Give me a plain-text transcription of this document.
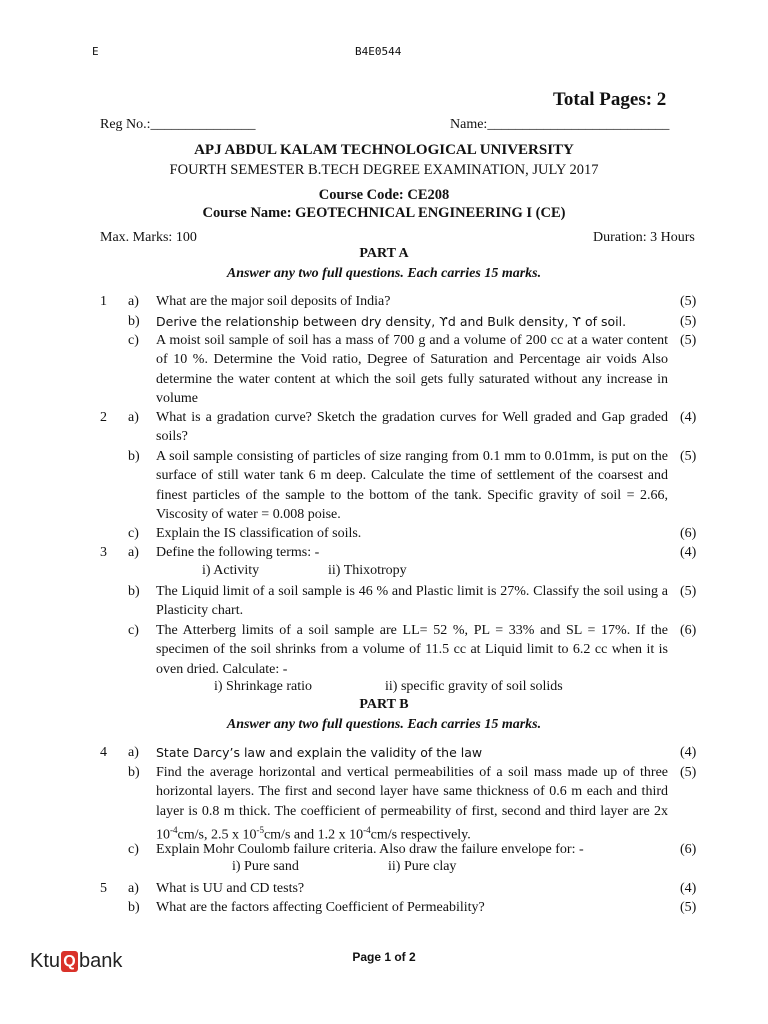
E	B4E0544
Total Pages: 2
Reg No.:_______________	Name:__________________________
APJ ABDUL KALAM TECHNOLOGICAL UNIVERSITY
FOURTH SEMESTER B.TECH DEGREE EXAMINATION, JULY 2017
Course Code: CE208
Course Name: GEOTECHNICAL ENGINEERING I (CE)
Max. Marks: 100	Duration: 3 Hours
PART A
Answer any two full questions. Each carries 15 marks.
1 a) What are the major soil deposits of India?	(5)
b) Derive the relationship between dry density, ϒd and Bulk density, ϒ of soil.	(5)
c) A moist soil sample of soil has a mass of 700 g and a volume of 200 cc at a water content of 10 %. Determine the Void ratio, Degree of Saturation and Percentage air voids Also determine the water content at which the soil gets fully saturated without any increase in volume
(5)
2 a) What is a gradation curve? Sketch the gradation curves for Well graded and Gap graded soils?
(4)
b) A soil sample consisting of particles of size ranging from 0.1 mm to 0.01mm, is put on the surface of still water tank 6 m deep. Calculate the time of settlement of the coarsest and finest particles of the sample to the bottom of the tank. Specific gravity of soil = 2.66, Viscosity of water = 0.008 poise.
(5)
c) Explain the IS classification of soils.	(6)
3 a) Define the following terms: -	(4)
i) Activity	ii) Thixotropy
b) The Liquid limit of a soil sample is 46 % and Plastic limit is 27%. Classify the soil using a Plasticity chart.
(5)
c) The Atterberg limits of a soil sample are LL= 52 %, PL = 33% and SL = 17%. If the specimen of the soil shrinks from a volume of 11.5 cc at Liquid limit to 6.2 cc when it is oven dried. Calculate: -
(6)
i) Shrinkage ratio	ii) specific gravity of soil solids
PART B
Answer any two full questions. Each carries 15 marks.
4 a) State Darcy’s law and explain the validity of the law	(4)
b) Find the average horizontal and vertical permeabilities of a soil mass made up of three horizontal layers. The first and second layer have same thickness of 0.6 m each and third layer is 0.8 m thick. The coefficient of permeability of first, second and third layer are 2x $10^{-4}cm/s$, 2.5 x $10^{-5}cm/s$ and 1.2 x $10^{-4}cm/s$ respectively.
(5)
c) Explain Mohr Coulomb failure criteria. Also draw the failure envelope for: -	(6)
i) Pure sand	ii) Pure clay
5 a) What is UU and CD tests?	(4)
b) What are the factors affecting Coefficient of Permeability?	(5)
Page 1 of 2
Ktu Q bank
